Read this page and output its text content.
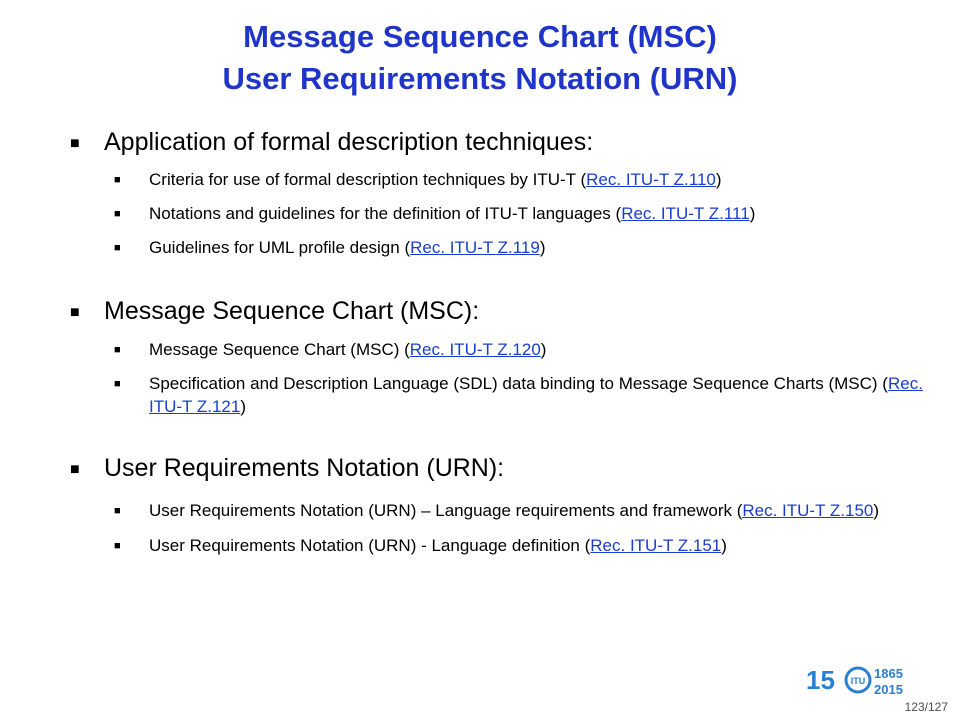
Message Sequence Chart (MSC)
User Requirements Notation (URN)
■ Application of formal description techniques:
■ Criteria for use of formal description techniques by ITU-T (Rec. ITU-T Z.110)
■ Notations and guidelines for the definition of ITU-T languages (Rec. ITU-T Z.111)
■ Guidelines for UML profile design (Rec. ITU-T Z.119)
■ Message Sequence Chart (MSC):
■ Message Sequence Chart (MSC) (Rec. ITU-T Z.120)
■ Specification and Description Language (SDL) data binding to Message Sequence Charts (MSC) (Rec. ITU-T Z.121)
■ User Requirements Notation (URN):
■ User Requirements Notation (URN) – Language requirements and framework (Rec. ITU-T Z.150)
■ User Requirements Notation (URN) - Language definition (Rec. ITU-T Z.151)
15 ITU 1865
2015
123/127
